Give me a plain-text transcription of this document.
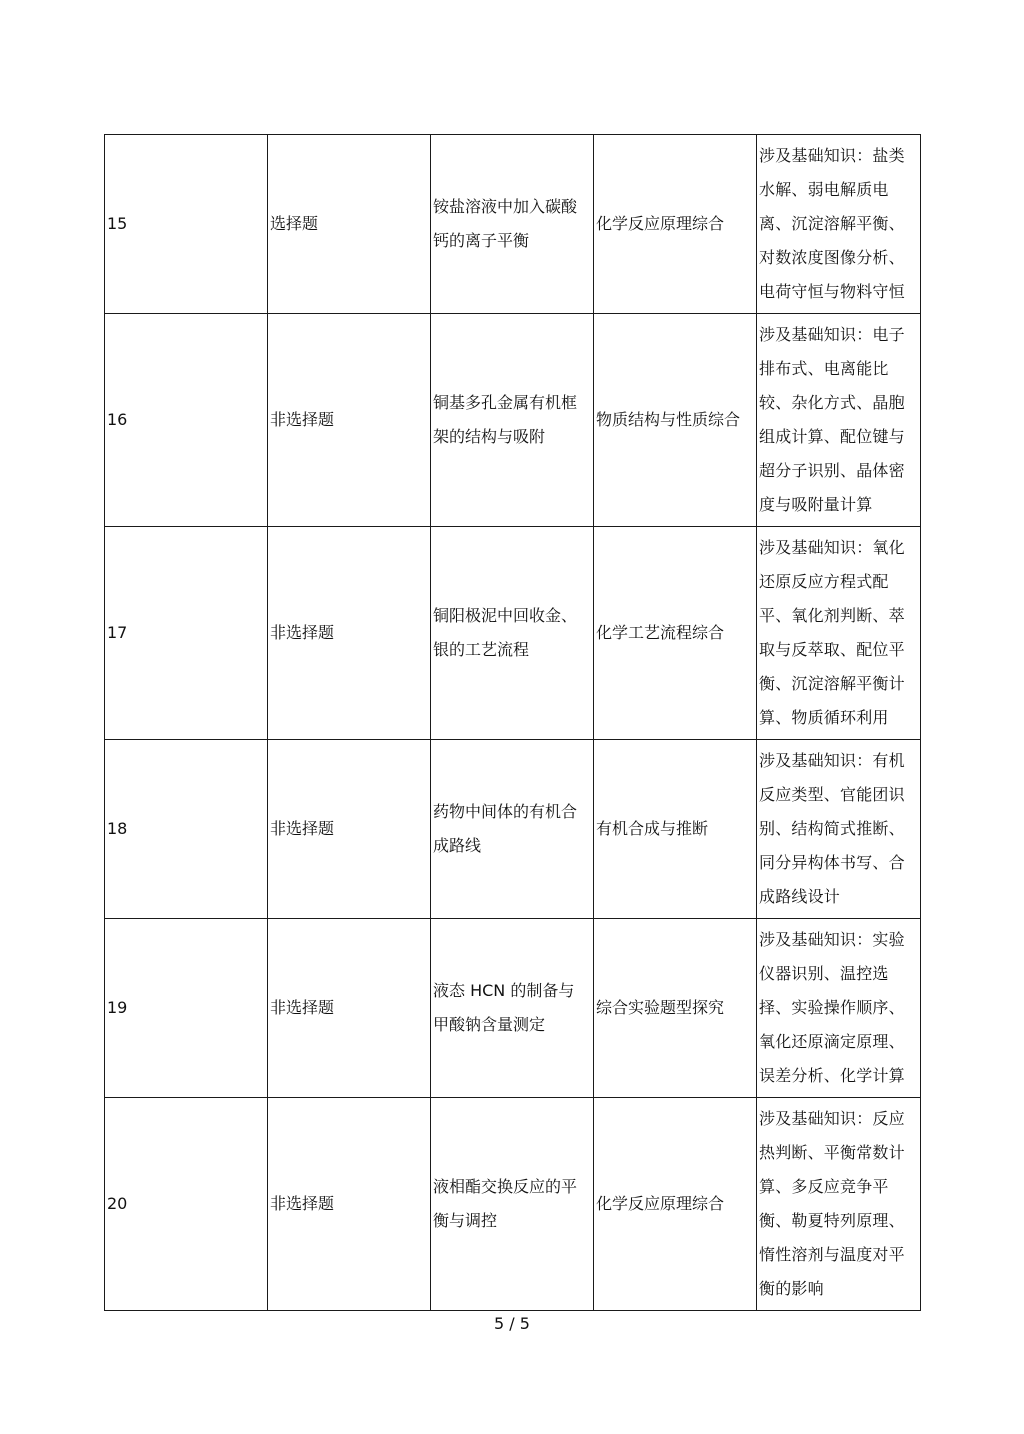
15	选择题	铵盐溶液中加入碳酸钙的离子平衡	化学反应原理综合	涉及基础知识：盐类水解、弱电解质电离、沉淀溶解平衡、对数浓度图像分析、电荷守恒与物料守恒
16	非选择题	铜基多孔金属有机框架的结构与吸附	物质结构与性质综合	涉及基础知识：电子排布式、电离能比较、杂化方式、晶胞组成计算、配位键与超分子识别、晶体密度与吸附量计算
17	非选择题	铜阳极泥中回收金、银的工艺流程	化学工艺流程综合	涉及基础知识：氧化还原反应方程式配平、氧化剂判断、萃取与反萃取、配位平衡、沉淀溶解平衡计算、物质循环利用
18	非选择题	药物中间体的有机合成路线	有机合成与推断	涉及基础知识：有机反应类型、官能团识别、结构简式推断、同分异构体书写、合成路线设计
19	非选择题	液态 HCN 的制备与甲酸钠含量测定	综合实验题型探究	涉及基础知识：实验仪器识别、温控选择、实验操作顺序、氧化还原滴定原理、误差分析、化学计算
20	非选择题	液相酯交换反应的平衡与调控	化学反应原理综合	涉及基础知识：反应热判断、平衡常数计算、多反应竞争平衡、勒夏特列原理、惰性溶剂与温度对平衡的影响
5 / 5
